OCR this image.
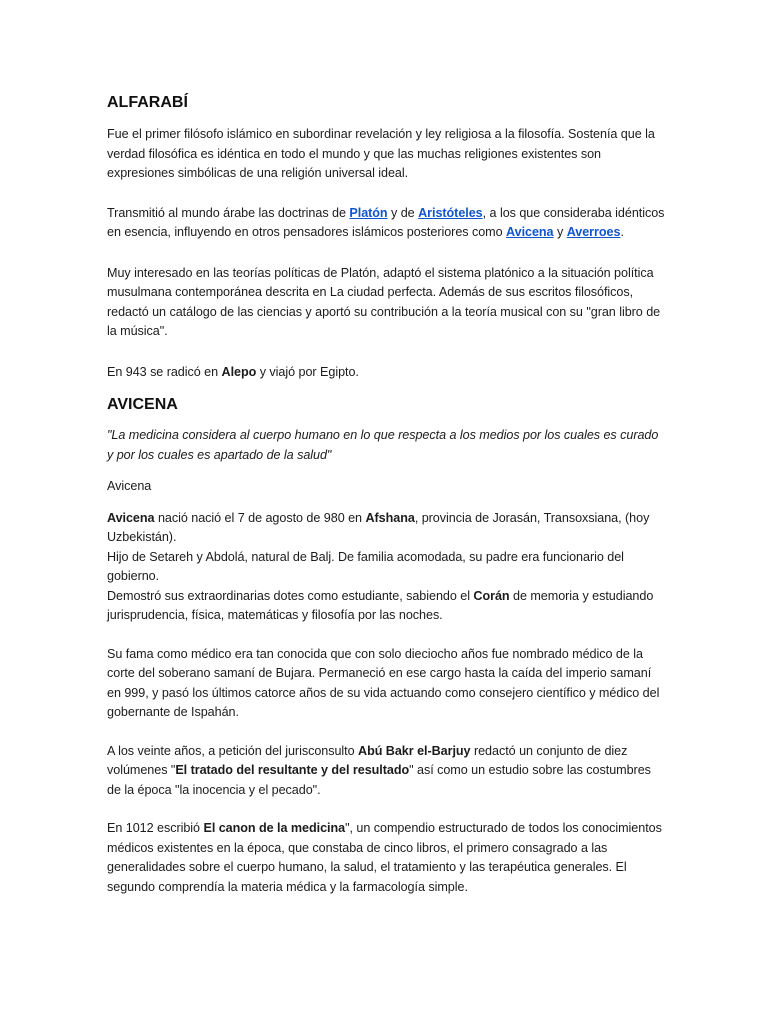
ALFARABÍ

Fue el primer filósofo islámico en subordinar revelación y ley religiosa a la filosofía. Sostenía que la verdad filosófica es idéntica en todo el mundo y que las muchas religiones existentes son expresiones simbólicas de una religión universal ideal.

Transmitió al mundo árabe las doctrinas de Platón y de Aristóteles, a los que consideraba idénticos en esencia, influyendo en otros pensadores islámicos posteriores como Avicena y Averroes.

Muy interesado en las teorías políticas de Platón, adaptó el sistema platónico a la situación política musulmana contemporánea descrita en La ciudad perfecta. Además de sus escritos filosóficos, redactó un catálogo de las ciencias y aportó su contribución a la teoría musical con su "gran libro de la música".

En 943 se radicó en Alepo y viajó por Egipto.

AVICENA

"La medicina considera al cuerpo humano en lo que respecta a los medios por los cuales es curado y por los cuales es apartado de la salud"

Avicena

Avicena nació nació el 7 de agosto de 980 en Afshana, provincia de Jorasán, Transoxsiana, (hoy Uzbekistán).
Hijo de Setareh y Abdolá, natural de Balj. De familia acomodada, su padre era funcionario del gobierno.
Demostró sus extraordinarias dotes como estudiante, sabiendo el Corán de memoria y estudiando jurisprudencia, física, matemáticas y filosofía por las noches.

Su fama como médico era tan conocida que con solo dieciocho años fue nombrado médico de la corte del soberano samaní de Bujara. Permaneció en ese cargo hasta la caída del imperio samaní en 999, y pasó los últimos catorce años de su vida actuando como consejero científico y médico del gobernante de Ispahán.

A los veinte años, a petición del jurisconsulto Abú Bakr el-Barjuy redactó un conjunto de diez volúmenes "El tratado del resultante y del resultado" así como un estudio sobre las costumbres de la época "la inocencia y el pecado".

En 1012 escribió El canon de la medicina", un compendio estructurado de todos los conocimientos médicos existentes en la época, que constaba de cinco libros, el primero consagrado a las generalidades sobre el cuerpo humano, la salud, el tratamiento y las terapéutica generales. El segundo comprendía la materia médica y la farmacología simple.
